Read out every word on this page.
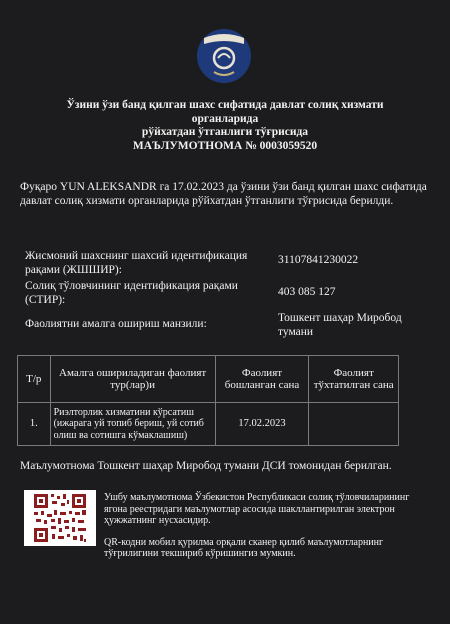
Ўзини ўзи банд қилган шахс сифатида давлат солиқ хизмати
органларида
рўйхатдан ўтганлиги тўғрисида
МАЪЛУМОТНОМА № 0003059520
Фуқаро YUN ALEKSANDR га 17.02.2023 да ўзини ўзи банд қилган шахс сифатида давлат солиқ хизмати органларида рўйхатдан ўтганлиги тўғрисида берилди.
Жисмоний шахснинг шахсий идентификация рақами (ЖШШИР):
31107841230022
Солиқ тўловчининг идентификация рақами (СТИР):
403 085 127
Фаолиятни амалга ошириш манзили:	Тошкент шаҳар Миробод тумани
Т/р	Амалга ошириладиган фаолият тур(лар)и	Фаолият бошланган сана	Фаолият тўхтатилган сана
1.	Риэлторлик хизматини кўрсатиш (ижарага уй топиб бериш, уй сотиб олиш ва сотишга кўмаклашиш)	17.02.2023	
Маълумотнома Тошкент шаҳар Миробод тумани ДСИ томонидан берилган.

Ушбу маълумотнома Ўзбекистон Республикаси солиқ тўловчиларининг ягона реестридаги маълумотлар асосида шакллантирилган электрон ҳужжатнинг нусхасидир.

QR-кодни мобил қурилма орқали сканер қилиб маълумотларнинг тўғрилигини текшириб кўришингиз мумкин.
